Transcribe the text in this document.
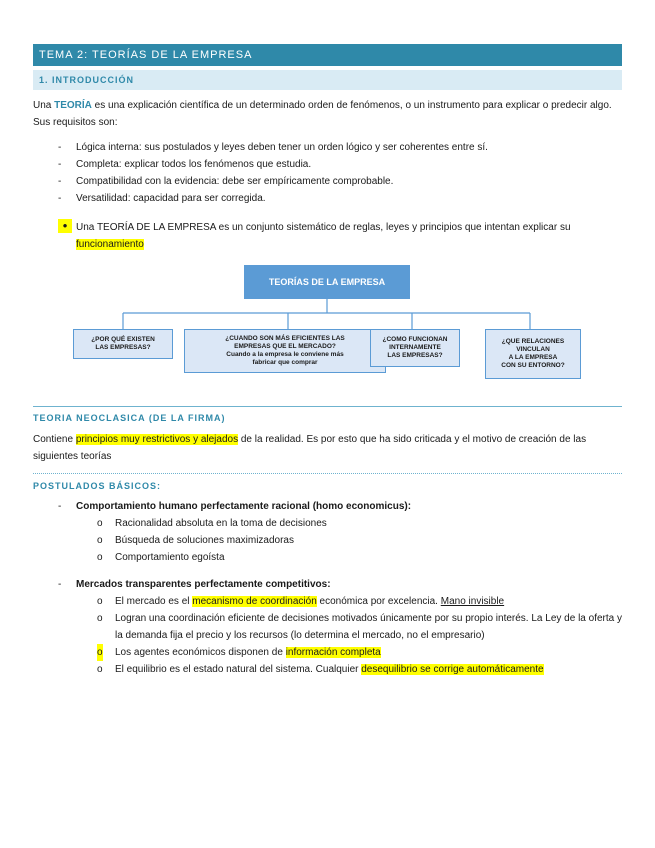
TEMA 2: TEORÍAS DE LA EMPRESA
1. INTRODUCCIÓN

Una TEORÍA es una explicación científica de un determinado orden de fenómenos, o un instrumento para explicar o predecir algo. Sus requisitos son:

- Lógica interna: sus postulados y leyes deben tener un orden lógico y ser coherentes entre sí.
- Completa: explicar todos los fenómenos que estudia.
- Compatibilidad con la evidencia: debe ser empíricamente comprobable.
- Versatilidad: capacidad para ser corregida.
• Una TEORÍA DE LA EMPRESA es un conjunto sistemático de reglas, leyes y principios que intentan explicar su funcionamiento
TEORÍAS DE LA EMPRESA
¿POR QUÉ EXISTEN
LAS EMPRESAS?
¿CUANDO SON MÁS EFICIENTES LAS
EMPRESAS QUE EL MERCADO?
Cuando a la empresa le conviene más
fabricar que comprar
¿COMO FUNCIONAN
INTERNAMENTE
LAS EMPRESAS?
¿QUE RELACIONES
VINCULAN
A LA EMPRESA
CON SU ENTORNO?
TEORIA NEOCLASICA (DE LA FIRMA)

Contiene principios muy restrictivos y alejados de la realidad. Es por esto que ha sido criticada y el motivo de creación de las siguientes teorías

POSTULADOS BÁSICOS:
- Comportamiento humano perfectamente racional (homo economicus):
o Racionalidad absoluta en la toma de decisiones
o Búsqueda de soluciones maximizadoras
o Comportamiento egoísta
- Mercados transparentes perfectamente competitivos:
o El mercado es el mecanismo de coordinación económica por excelencia. Mano invisible
o Logran una coordinación eficiente de decisiones motivados únicamente por su propio interés. La Ley de la oferta y la demanda fija el precio y los recursos (lo determina el mercado, no el empresario)
o Los agentes económicos disponen de información completa
o El equilibrio es el estado natural del sistema. Cualquier desequilibrio se corrige automáticamente
